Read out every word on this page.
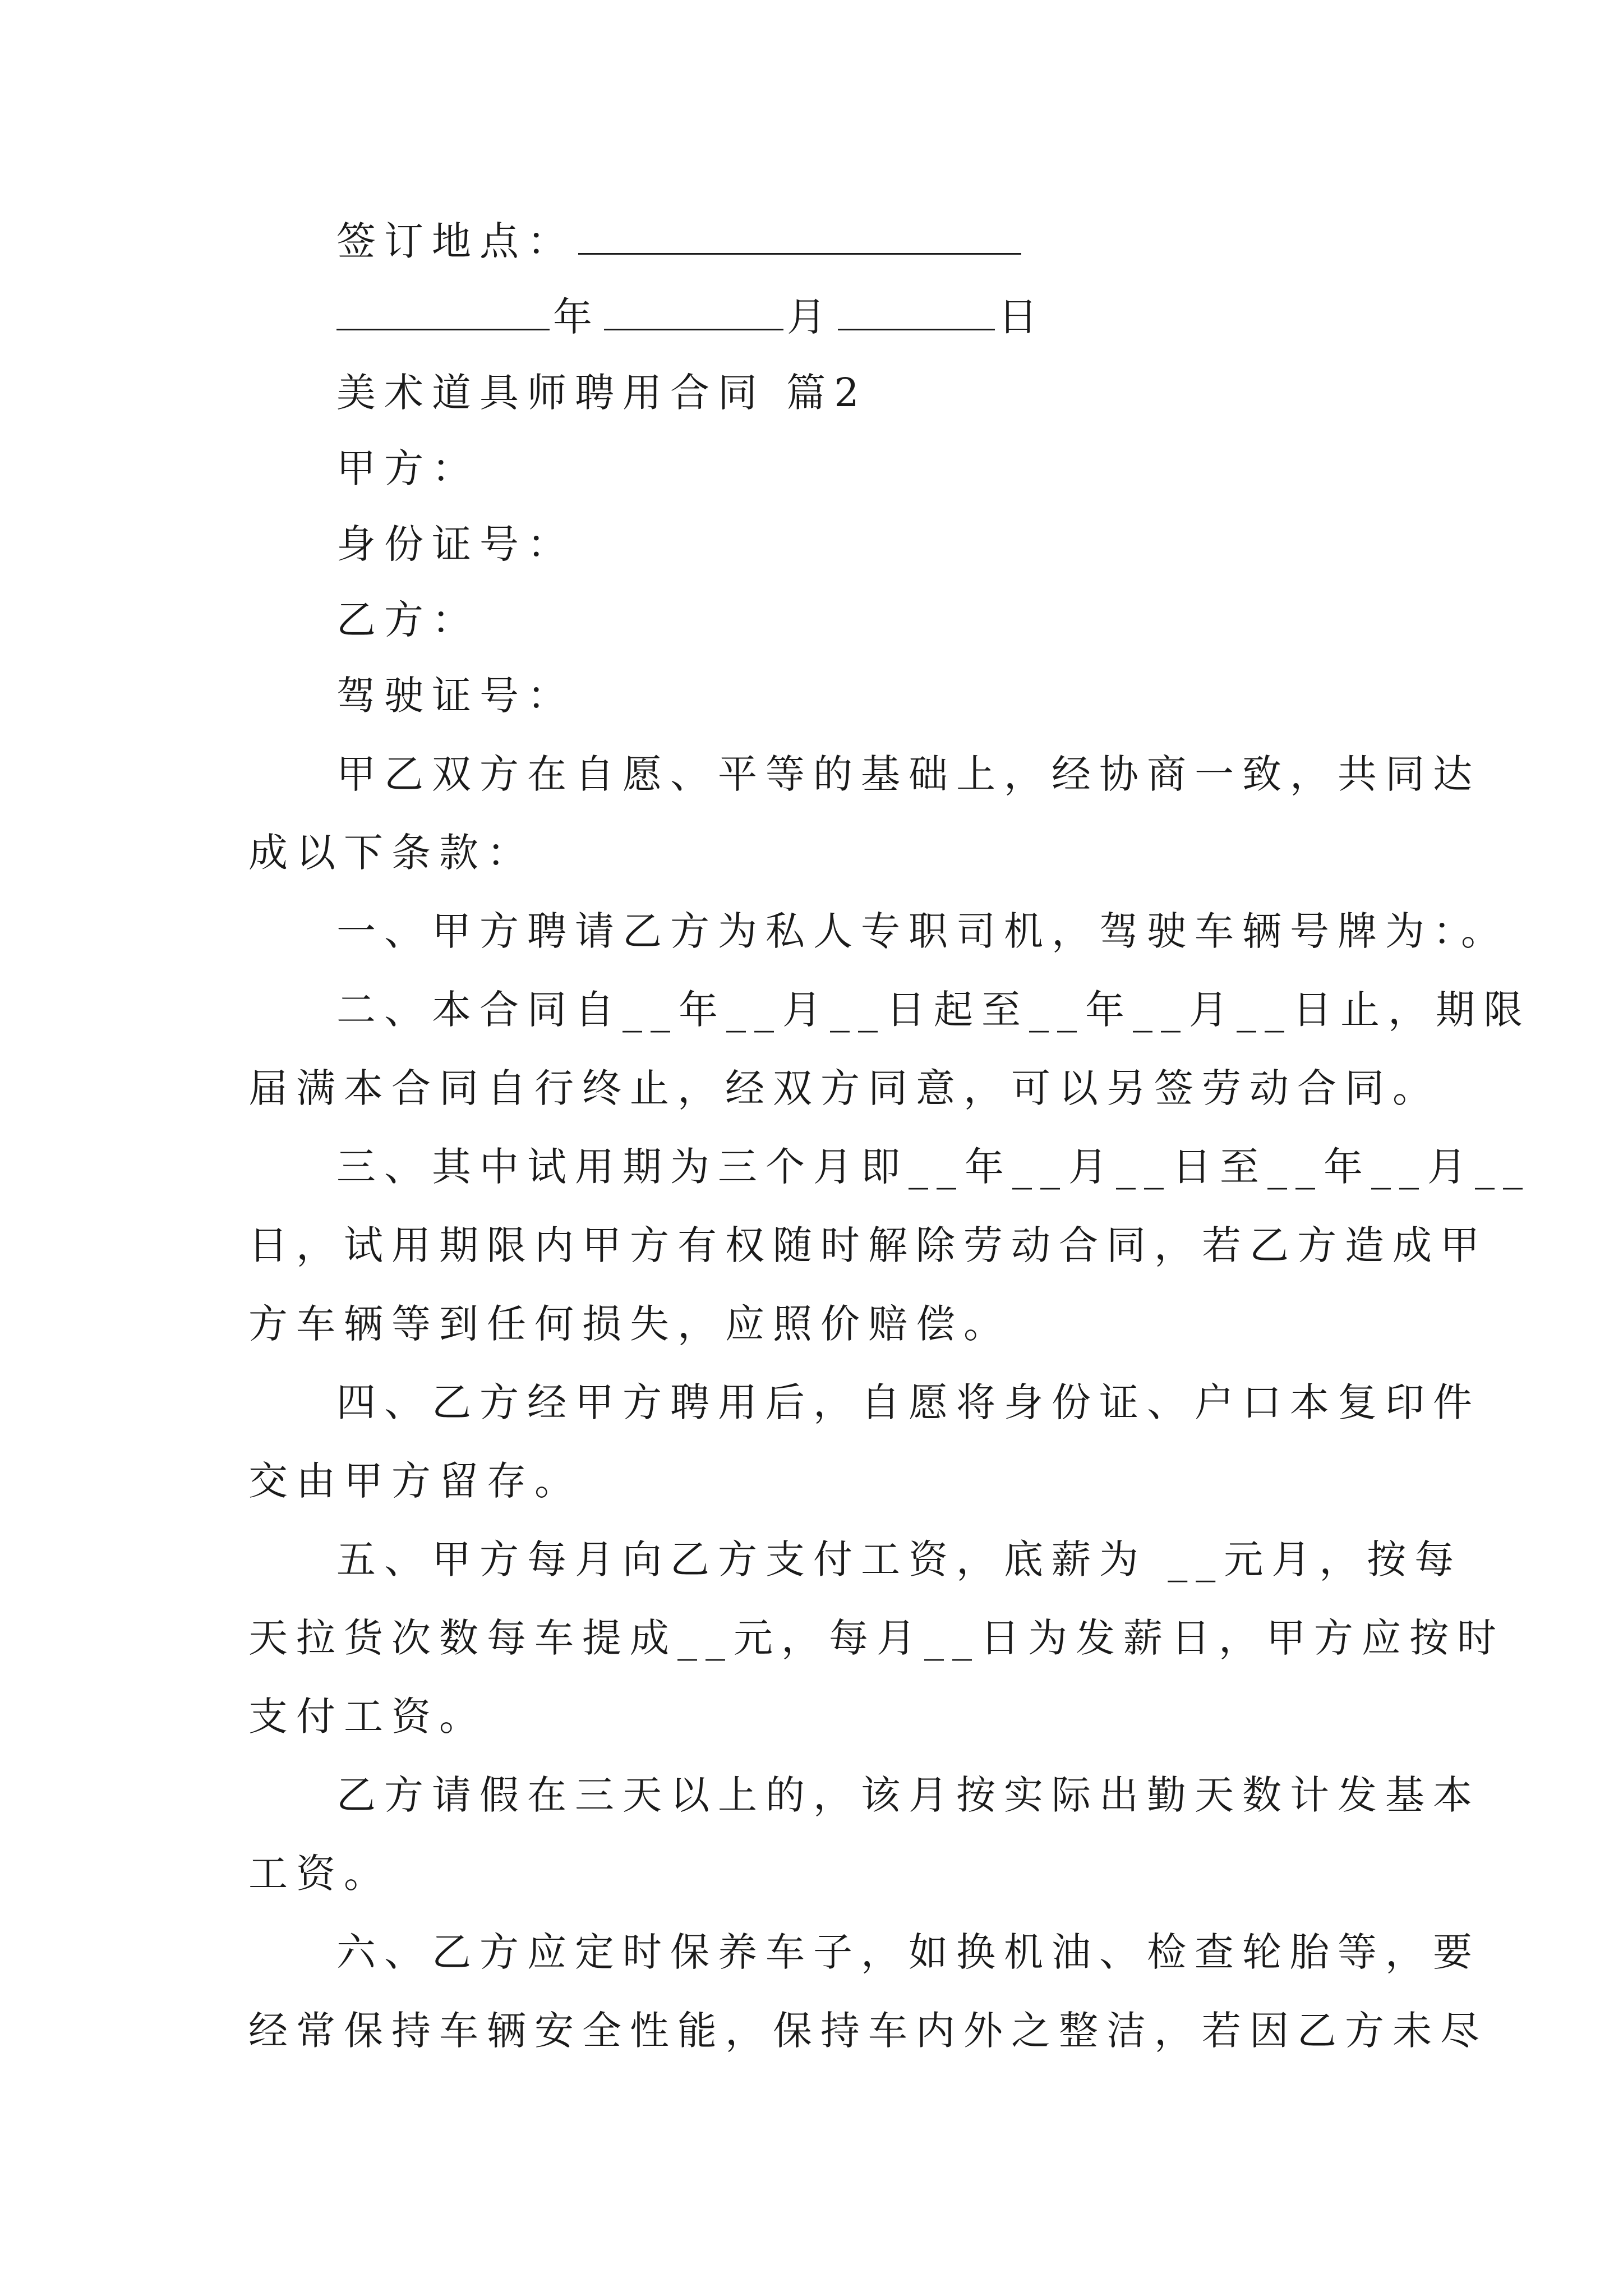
签订地点：
年	月	日
美术道具师聘用合同 篇2
甲方：
身份证号：
乙方：
驾驶证号：
甲乙双方在自愿、平等的基础上，经协商一致，共同达
成以下条款：
一、甲方聘请乙方为私人专职司机，驾驶车辆号牌为：。
二、本合同自__年__月__日起至__年__月__日止，期限
届满本合同自行终止，经双方同意，可以另签劳动合同。
三、其中试用期为三个月即__年__月__日至__年__月__
日，试用期限内甲方有权随时解除劳动合同，若乙方造成甲
方车辆等到任何损失，应照价赔偿。
四、乙方经甲方聘用后，自愿将身份证、户口本复印件
交由甲方留存。
五、甲方每月向乙方支付工资，底薪为 __元月，按每
天拉货次数每车提成__元，每月__日为发薪日，甲方应按时
支付工资。
乙方请假在三天以上的，该月按实际出勤天数计发基本
工资。
六、乙方应定时保养车子，如换机油、检查轮胎等，要
经常保持车辆安全性能，保持车内外之整洁，若因乙方未尽
